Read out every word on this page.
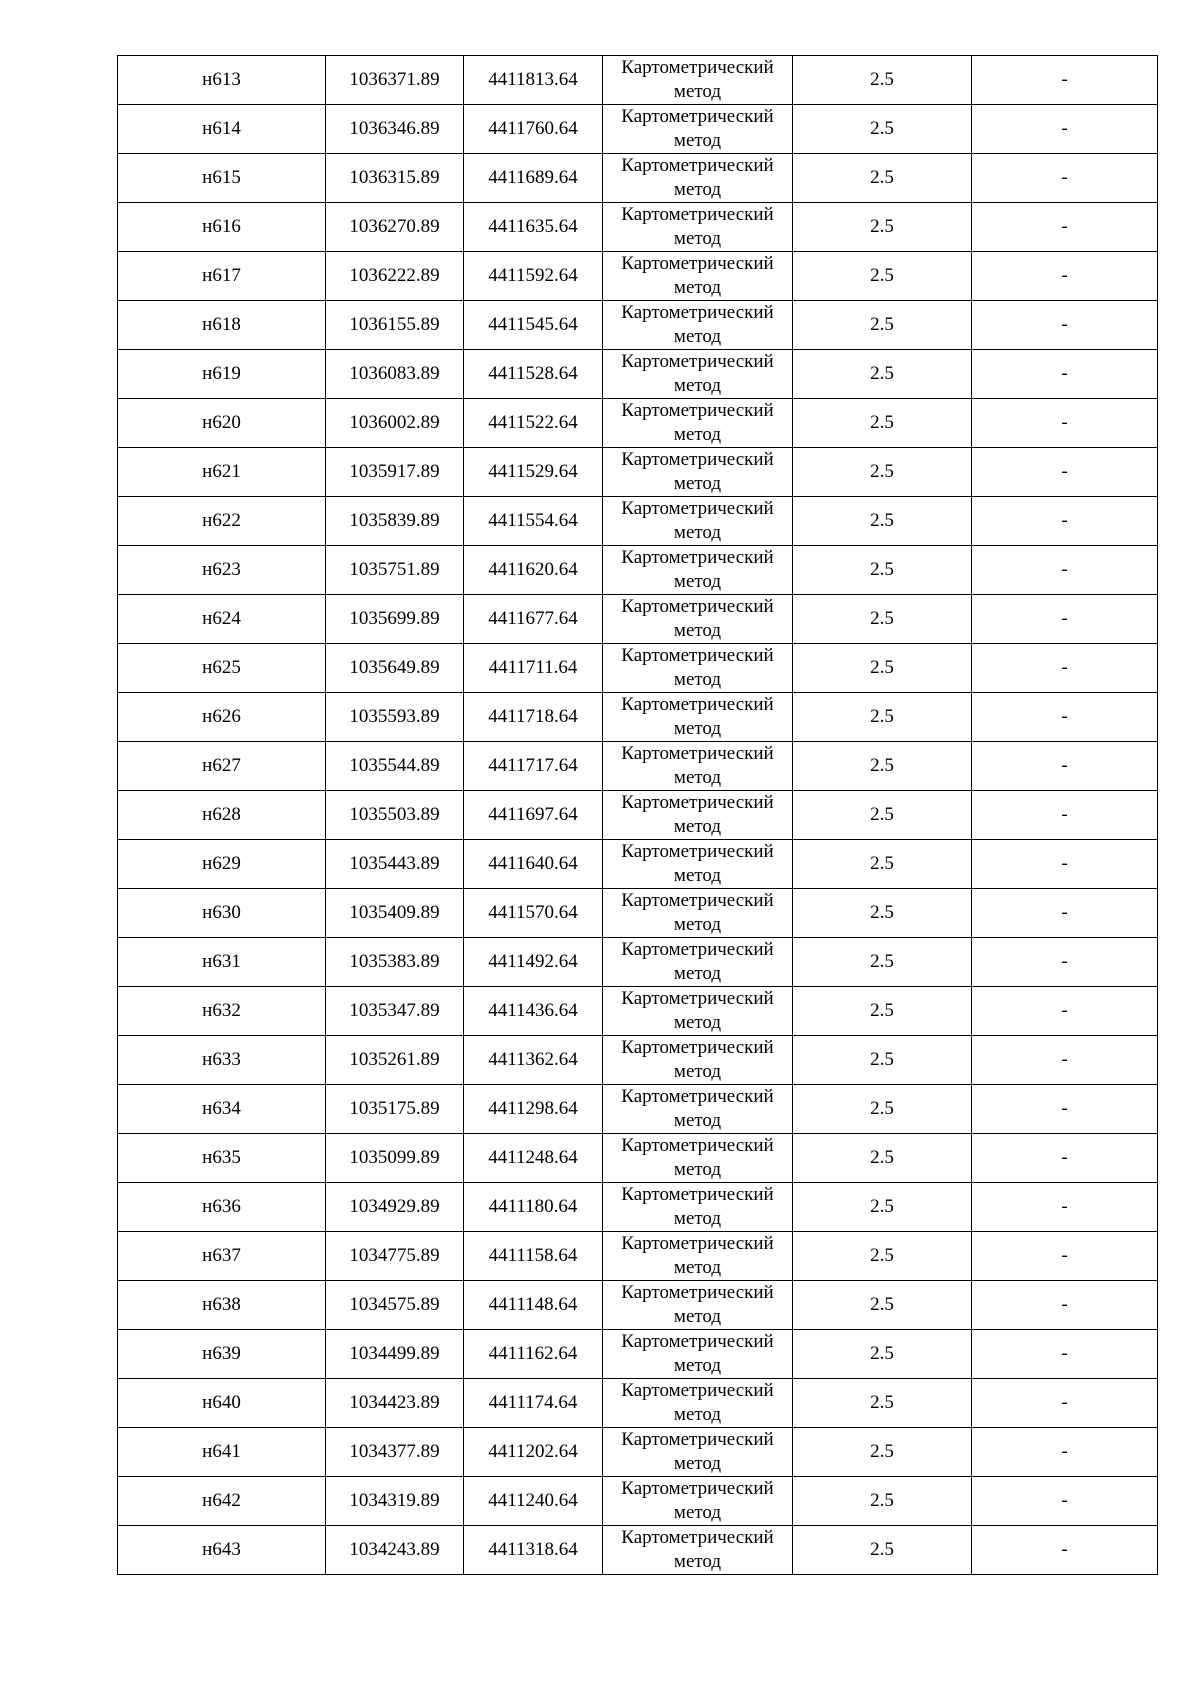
н613	1036371.89	4411813.64	Картометрический метод	2.5	-
н614	1036346.89	4411760.64	Картометрический метод	2.5	-
н615	1036315.89	4411689.64	Картометрический метод	2.5	-
н616	1036270.89	4411635.64	Картометрический метод	2.5	-
н617	1036222.89	4411592.64	Картометрический метод	2.5	-
н618	1036155.89	4411545.64	Картометрический метод	2.5	-
н619	1036083.89	4411528.64	Картометрический метод	2.5	-
н620	1036002.89	4411522.64	Картометрический метод	2.5	-
н621	1035917.89	4411529.64	Картометрический метод	2.5	-
н622	1035839.89	4411554.64	Картометрический метод	2.5	-
н623	1035751.89	4411620.64	Картометрический метод	2.5	-
н624	1035699.89	4411677.64	Картометрический метод	2.5	-
н625	1035649.89	4411711.64	Картометрический метод	2.5	-
н626	1035593.89	4411718.64	Картометрический метод	2.5	-
н627	1035544.89	4411717.64	Картометрический метод	2.5	-
н628	1035503.89	4411697.64	Картометрический метод	2.5	-
н629	1035443.89	4411640.64	Картометрический метод	2.5	-
н630	1035409.89	4411570.64	Картометрический метод	2.5	-
н631	1035383.89	4411492.64	Картометрический метод	2.5	-
н632	1035347.89	4411436.64	Картометрический метод	2.5	-
н633	1035261.89	4411362.64	Картометрический метод	2.5	-
н634	1035175.89	4411298.64	Картометрический метод	2.5	-
н635	1035099.89	4411248.64	Картометрический метод	2.5	-
н636	1034929.89	4411180.64	Картометрический метод	2.5	-
н637	1034775.89	4411158.64	Картометрический метод	2.5	-
н638	1034575.89	4411148.64	Картометрический метод	2.5	-
н639	1034499.89	4411162.64	Картометрический метод	2.5	-
н640	1034423.89	4411174.64	Картометрический метод	2.5	-
н641	1034377.89	4411202.64	Картометрический метод	2.5	-
н642	1034319.89	4411240.64	Картометрический метод	2.5	-
н643	1034243.89	4411318.64	Картометрический метод	2.5	-
